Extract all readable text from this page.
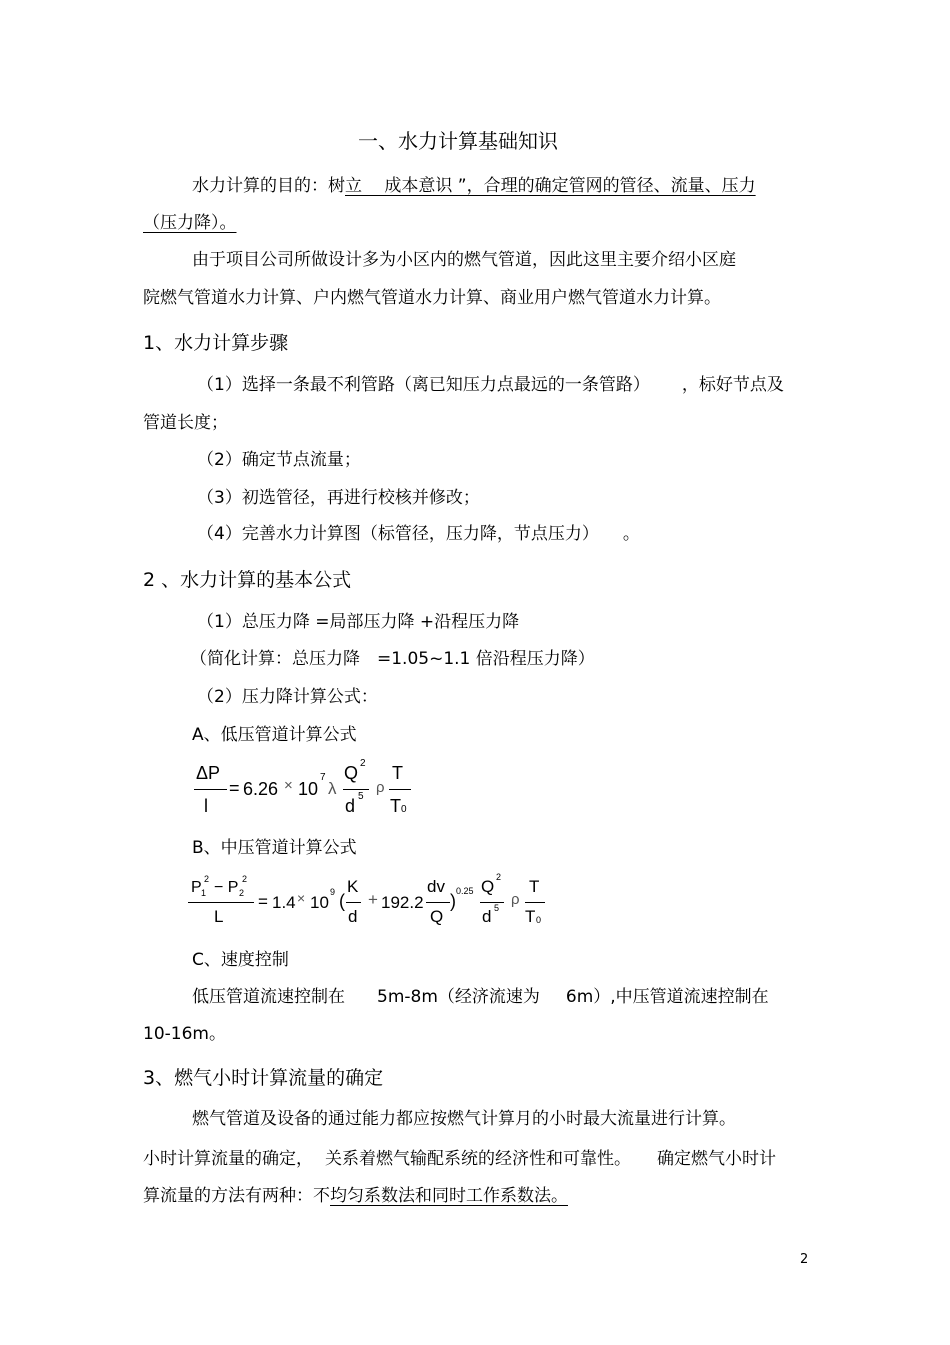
一、水力计算基础知识
水力计算的目的：树立　 成本意识 ”，合理的确定管网的管径、流量、压力
（压力降）。
由于项目公司所做设计多为小区内的燃气管道，因此这里主要介绍小区庭
院燃气管道水力计算、户内燃气管道水力计算、商业用户燃气管道水力计算。
1、水力计算步骤
（1）选择一条最不利管路（离已知压力点最远的一条管路） ，标好节点及
管道长度；
（2）确定节点流量；
（3）初选管径，再进行校核并修改；
（4）完善水力计算图（标管径，压力降，节点压力） 。
2 、水力计算的基本公式
（1）总压力降 =局部压力降 +沿程压力降
（简化计算：总压力降　=1.05~1.1 倍沿程压力降）
（2）压力降计算公式：
A、低压管道计算公式
ΔP
l
= 6.26 × 10
7
λ
Q 2
d 5
ρ
T
T 0
B、中压管道计算公式
P 1
2 − P 2
2
L
= 1.4 × 10
9 (
K
d
+ 192.2
dv
Q
) 0.25 Q 2
d 5 ρ
T
T 0
C、速度控制
低压管道流速控制在 5m-8m（经济流速为 6m）,中压管道流速控制在
10-16m。
3、燃气小时计算流量的确定
燃气管道及设备的通过能力都应按燃气计算月的小时最大流量进行计算。
小时计算流量的确定， 关系着燃气输配系统的经济性和可靠性。 确定燃气小时计
算流量的方法有两种：不均匀系数法和同时工作系数法。
2
